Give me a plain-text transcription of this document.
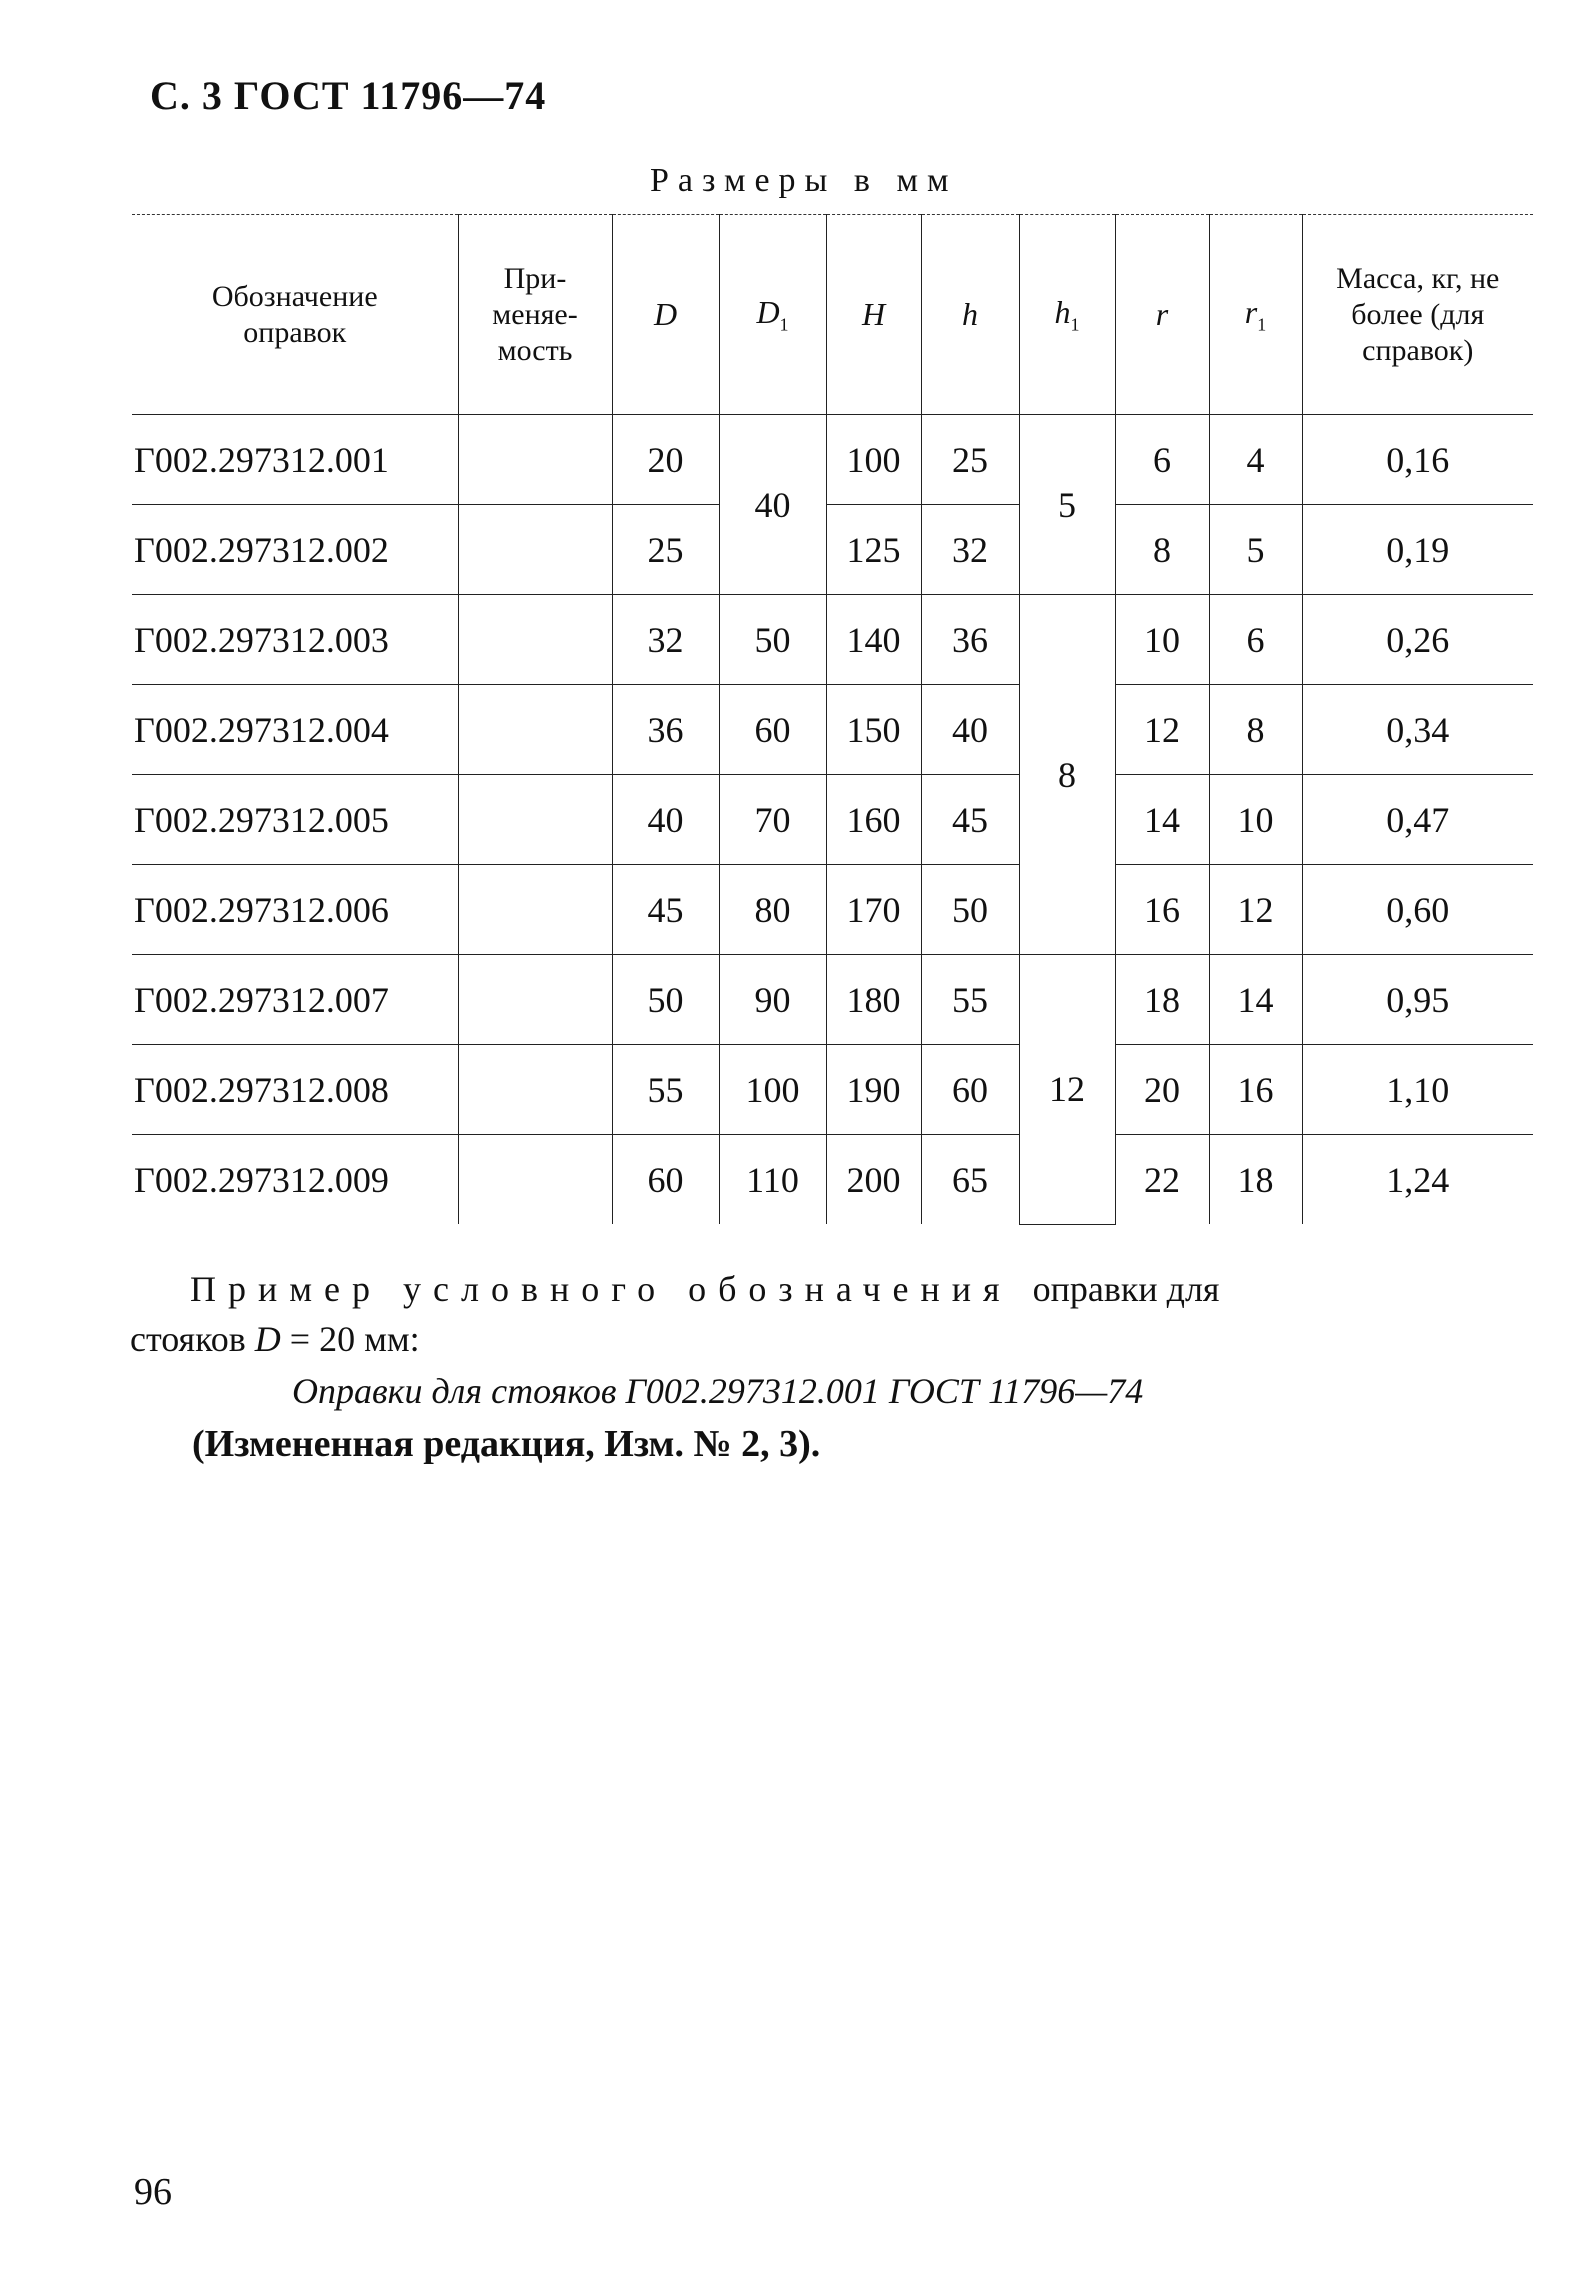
С. 3 ГОСТ 11796—74
Размеры в мм
Обозначение оправок	При-меняе-мость	D	$D_1$	H	h	$h_1$	r	$r_1$	Масса, кг, не более (для справок)
Г002.297312.001		20	40	100	25	5	6	4	0,16
Г002.297312.002		25		125	32		8	5	0,19
Г002.297312.003		32	50	140	36	8	10	6	0,26
Г002.297312.004		36	60	150	40		12	8	0,34
Г002.297312.005		40	70	160	45		14	10	0,47
Г002.297312.006		45	80	170	50		16	12	0,60
Г002.297312.007		50	90	180	55	12	18	14	0,95
Г002.297312.008		55	100	190	60		20	16	1,10
Г002.297312.009		60	110	200	65		22	18	1,24
Пример условного обозначения оправки для
стояков D = 20 мм:
Оправки для стояков Г002.297312.001 ГОСТ 11796—74
(Измененная редакция, Изм. № 2, 3).
96
